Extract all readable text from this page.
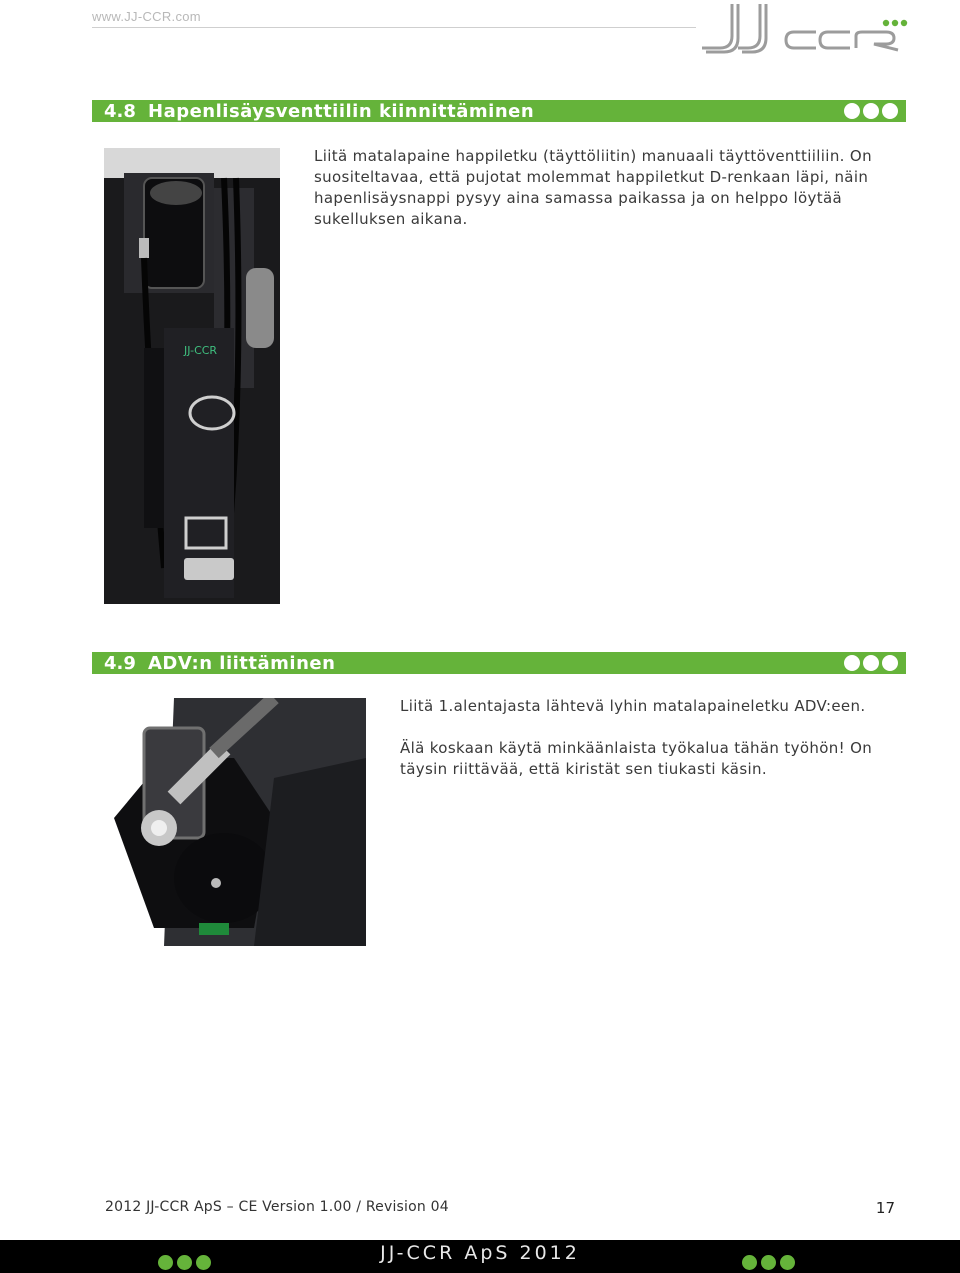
www.JJ-CCR.com
4.8 Hapenlisäysventtiilin kiinnittäminen
JJ-CCR
Liitä matalapaine happiletku (täyttöliitin) manuaali täyttöventtiiliin. On suositeltavaa, että pujotat molemmat happiletkut D-renkaan läpi, näin hapenlisäysnappi pysyy aina samassa paikassa ja on helppo löytää sukelluksen aikana.
4.9 ADV:n liittäminen
Liitä 1.alentajasta lähtevä lyhin matalapaineletku ADV:een.
Älä koskaan käytä minkäänlaista työkalua tähän työhön! On täysin riittävää, että kiristät sen tiukasti käsin.
2012 JJ-CCR ApS – CE Version 1.00 / Revision 04	17
JJ-CCR ApS 2012
